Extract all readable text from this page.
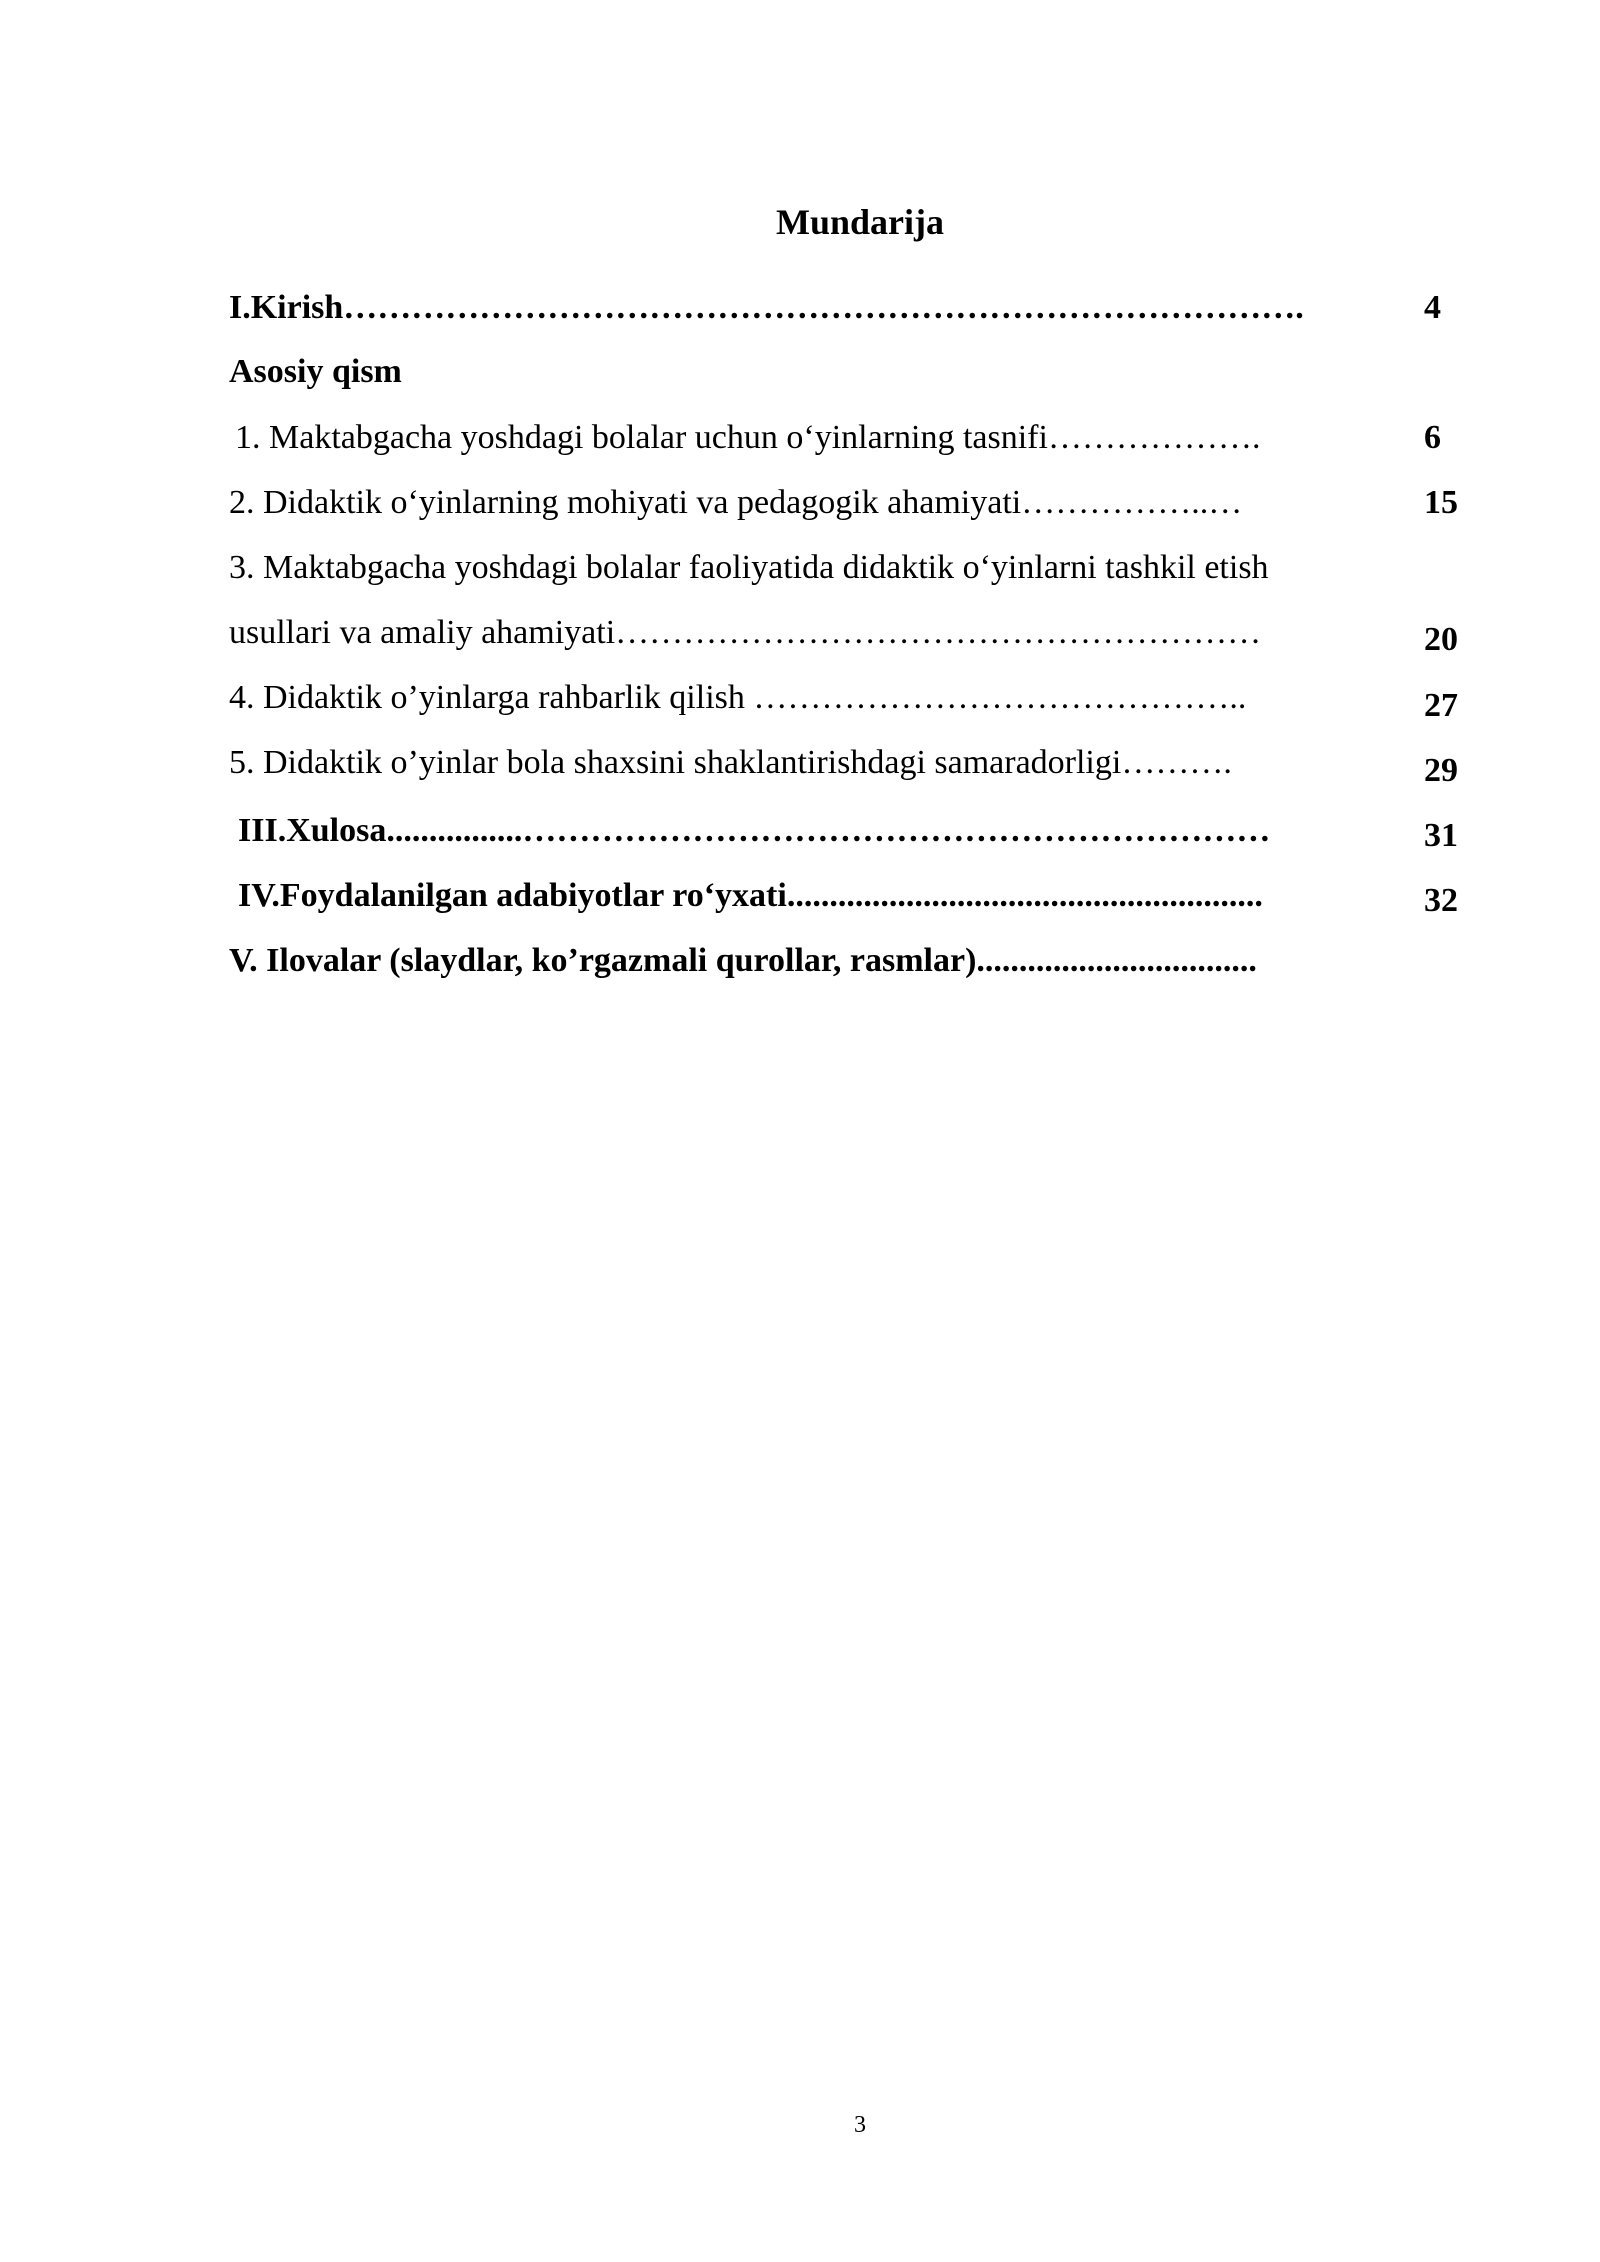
Mundarija
I.Kirish………………………………………………………………………….	4
Asosiy qism
1. Maktabgacha yoshdagi bolalar uchun o‘yinlarning tasnifi……………….	6
2. Didaktik o‘yinlarning mohiyati va pedagogik ahamiyati……………..…	15
3. Maktabgacha yoshdagi bolalar faoliyatida didaktik o‘yinlarni tashkil etish
usullari va amaliy ahamiyati…………………………………………………	20
4. Didaktik o’yinlarga rahbarlik qilish ……………………………………..	27
5. Didaktik o’yinlar bola shaxsini shaklantirishdagi samaradorligi……….	29
III.Xulosa................…………………………………………………………	31
IV.Foydalanilgan adabiyotlar ro‘yxati........................................................	32
V. Ilovalar (slaydlar, ko’rgazmali qurollar, rasmlar).................................
3
